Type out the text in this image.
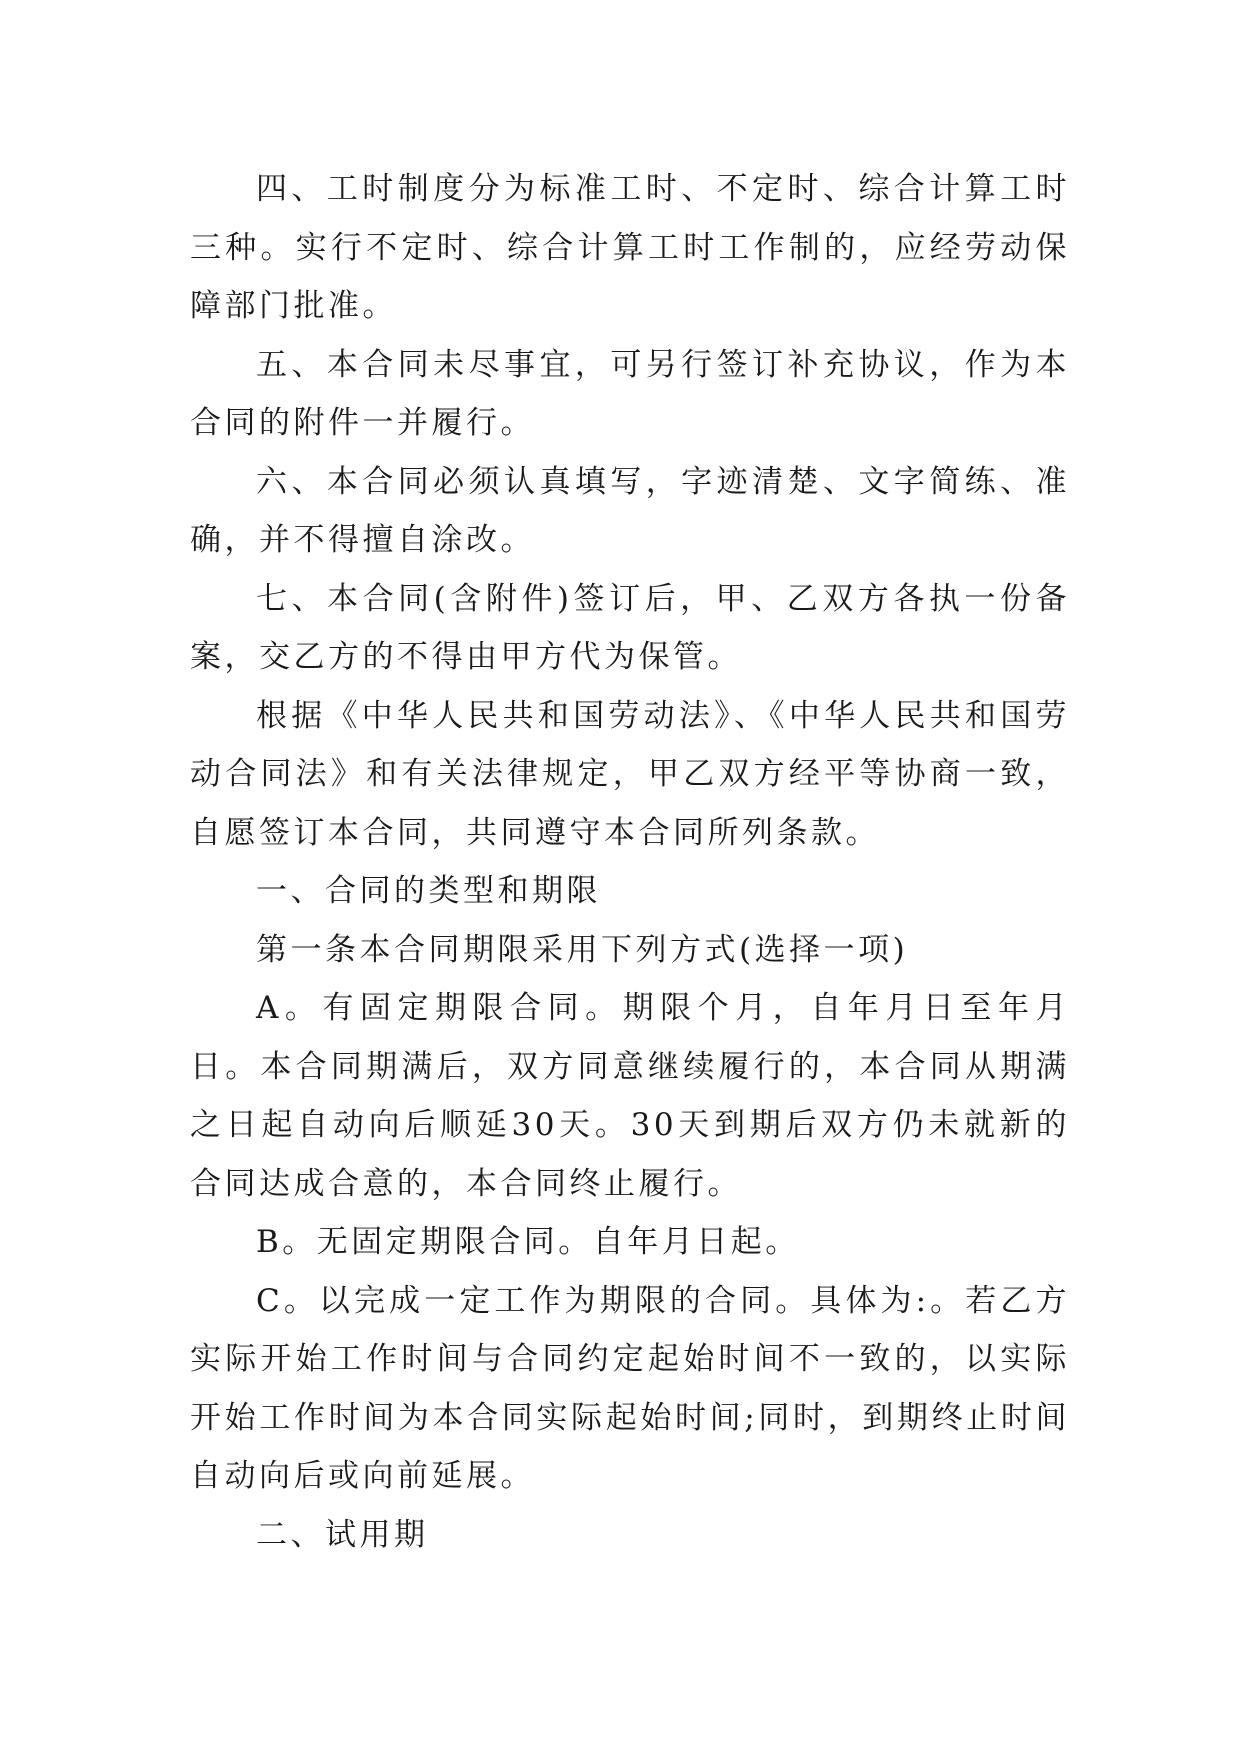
四、工时制度分为标准工时、不定时、综合计算工时三种。实行不定时、综合计算工时工作制的，应经劳动保障部门批准。

五、本合同未尽事宜，可另行签订补充协议，作为本合同的附件一并履行。

六、本合同必须认真填写，字迹清楚、文字简练、准确，并不得擅自涂改。

七、本合同(含附件)签订后，甲、乙双方各执一份备案，交乙方的不得由甲方代为保管。

根据《中华人民共和国劳动法》、《中华人民共和国劳动合同法》和有关法律规定，甲乙双方经平等协商一致，自愿签订本合同，共同遵守本合同所列条款。

一、合同的类型和期限

第一条本合同期限采用下列方式(选择一项)

A。有固定期限合同。期限个月，自年月日至年月日。本合同期满后，双方同意继续履行的，本合同从期满之日起自动向后顺延30天。30天到期后双方仍未就新的合同达成合意的，本合同终止履行。

B。无固定期限合同。自年月日起。

C。以完成一定工作为期限的合同。具体为:。若乙方实际开始工作时间与合同约定起始时间不一致的，以实际开始工作时间为本合同实际起始时间;同时，到期终止时间自动向后或向前延展。

二、试用期
